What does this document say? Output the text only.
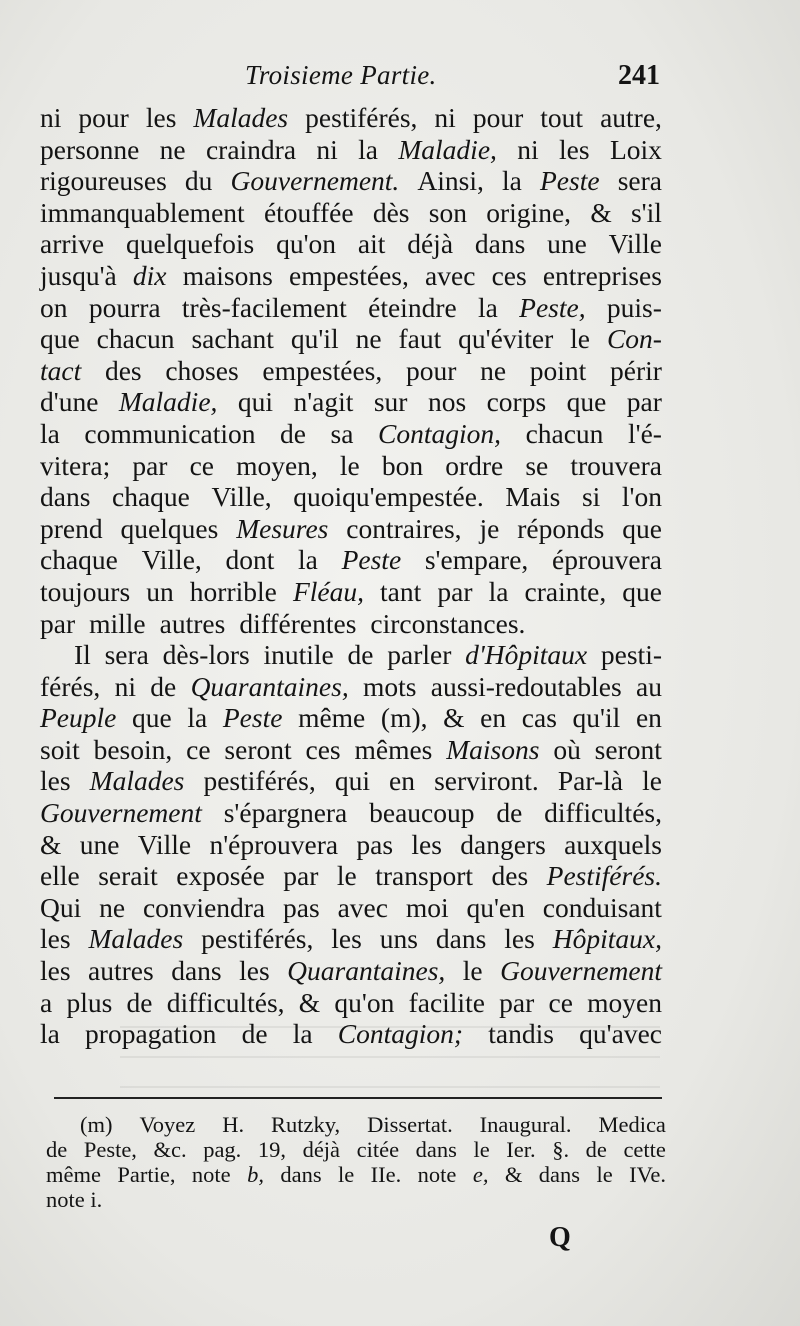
Troisieme Partie.	241
ni pour les Malades pestiférés, ni pour tout autre,
personne ne craindra ni la Maladie, ni les Loix
rigoureuses du Gouvernement. Ainsi, la Peste sera
immanquablement étouffée dès son origine, & s'il
arrive quelquefois qu'on ait déjà dans une Ville
jusqu'à dix maisons empestées, avec ces entreprises
on pourra très-facilement éteindre la Peste, puis-
que chacun sachant qu'il ne faut qu'éviter le Con-
tact des choses empestées, pour ne point périr
d'une Maladie, qui n'agit sur nos corps que par
la communication de sa Contagion, chacun l'é-
vitera; par ce moyen, le bon ordre se trouvera
dans chaque Ville, quoiqu'empestée. Mais si l'on
prend quelques Mesures contraires, je réponds que
chaque Ville, dont la Peste s'empare, éprouvera
toujours un horrible Fléau, tant par la crainte, que
par mille autres différentes circonstances.
Il sera dès-lors inutile de parler d'Hôpitaux pesti-
férés, ni de Quarantaines, mots aussi-redoutables au
Peuple que la Peste même (m), & en cas qu'il en
soit besoin, ce seront ces mêmes Maisons où seront
les Malades pestiférés, qui en serviront. Par-là le
Gouvernement s'épargnera beaucoup de difficultés,
& une Ville n'éprouvera pas les dangers auxquels
elle serait exposée par le transport des Pestiférés.
Qui ne conviendra pas avec moi qu'en conduisant
les Malades pestiférés, les uns dans les Hôpitaux,
les autres dans les Quarantaines, le Gouvernement
a plus de difficultés, & qu'on facilite par ce moyen
la propagation de la Contagion; tandis qu'avec
(m) Voyez H. Rutzky, Dissertat. Inaugural. Medica
de Peste, &c. pag. 19, déjà citée dans le Ier. §. de cette
même Partie, note b, dans le IIe. note e, & dans le IVe.
note i.
Q
